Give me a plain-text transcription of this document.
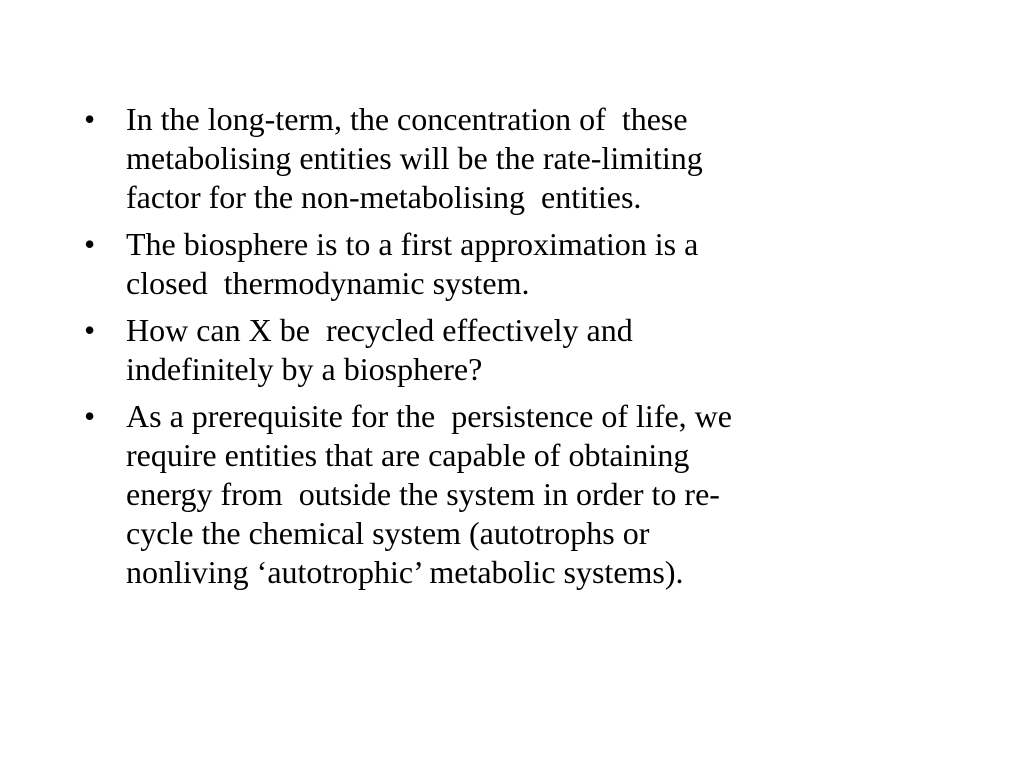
• In the long-term, the concentration of  these
metabolising entities will be the rate-limiting
factor for the non-metabolising  entities.
• The biosphere is to a first approximation is a
closed  thermodynamic system.
• How can X be  recycled effectively and
indefinitely by a biosphere?
• As a prerequisite for the  persistence of life, we
require entities that are capable of obtaining
energy from  outside the system in order to re-
cycle the chemical system (autotrophs or
nonliving ‘autotrophic’ metabolic systems).
